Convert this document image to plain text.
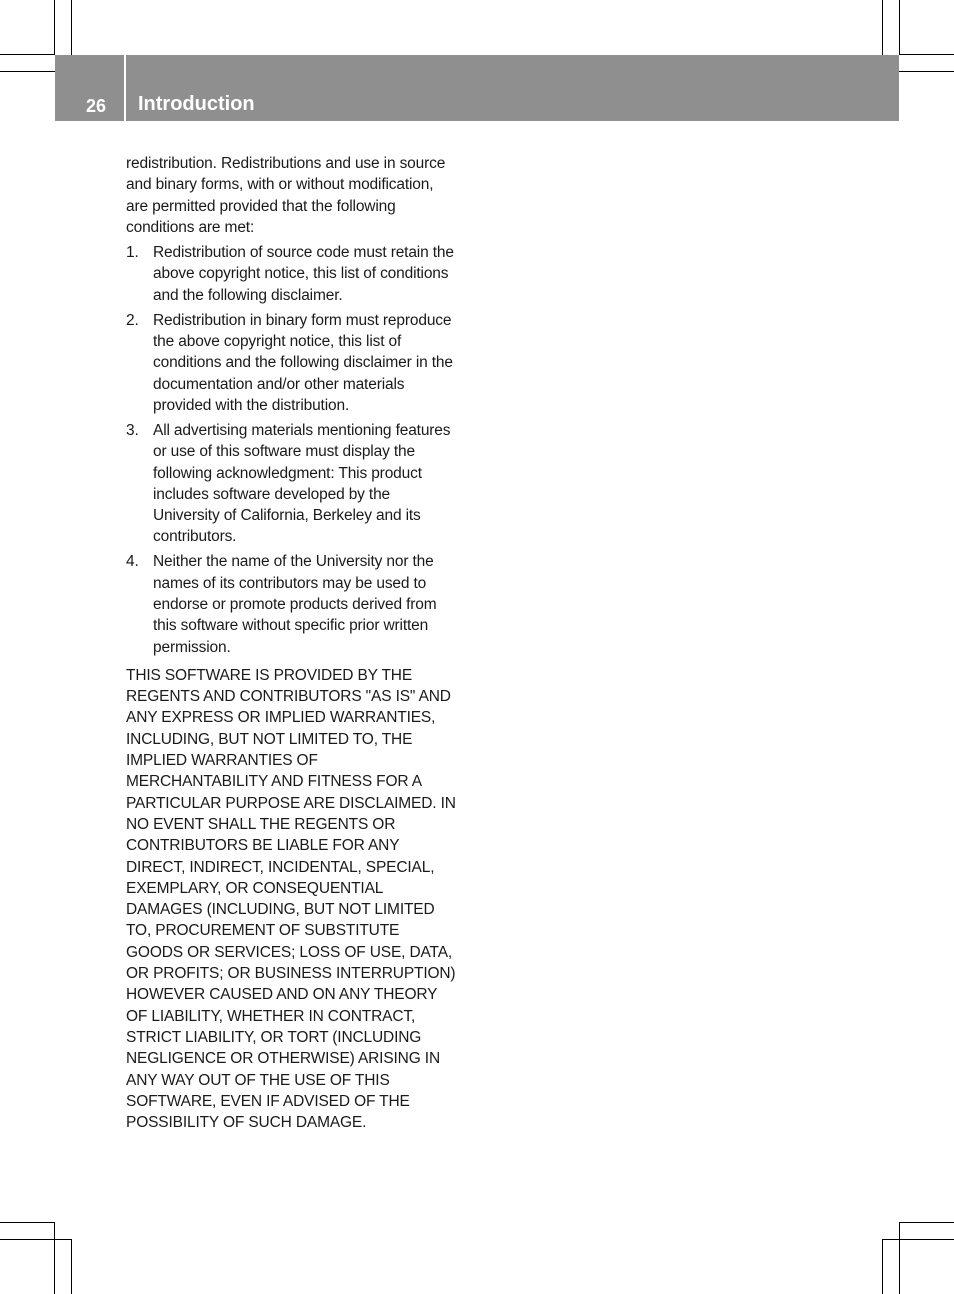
26 Introduction

redistribution. Redistributions and use in source and binary forms, with or without modification, are permitted provided that the following conditions are met:

1. Redistribution of source code must retain the above copyright notice, this list of conditions and the following disclaimer.
2. Redistribution in binary form must reproduce the above copyright notice, this list of conditions and the following disclaimer in the documentation and/or other materials provided with the distribution.
3. All advertising materials mentioning features or use of this software must display the following acknowledgment: This product includes software developed by the University of California, Berkeley and its contributors.
4. Neither the name of the University nor the names of its contributors may be used to endorse or promote products derived from this software without specific prior written permission.

THIS SOFTWARE IS PROVIDED BY THE REGENTS AND CONTRIBUTORS "AS IS" AND ANY EXPRESS OR IMPLIED WARRANTIES, INCLUDING, BUT NOT LIMITED TO, THE IMPLIED WARRANTIES OF MERCHANTABILITY AND FITNESS FOR A PARTICULAR PURPOSE ARE DISCLAIMED. IN NO EVENT SHALL THE REGENTS OR CONTRIBUTORS BE LIABLE FOR ANY DIRECT, INDIRECT, INCIDENTAL, SPECIAL, EXEMPLARY, OR CONSEQUENTIAL DAMAGES (INCLUDING, BUT NOT LIMITED TO, PROCUREMENT OF SUBSTITUTE GOODS OR SERVICES; LOSS OF USE, DATA, OR PROFITS; OR BUSINESS INTERRUPTION) HOWEVER CAUSED AND ON ANY THEORY OF LIABILITY, WHETHER IN CONTRACT, STRICT LIABILITY, OR TORT (INCLUDING NEGLIGENCE OR OTHERWISE) ARISING IN ANY WAY OUT OF THE USE OF THIS SOFTWARE, EVEN IF ADVISED OF THE POSSIBILITY OF SUCH DAMAGE.
